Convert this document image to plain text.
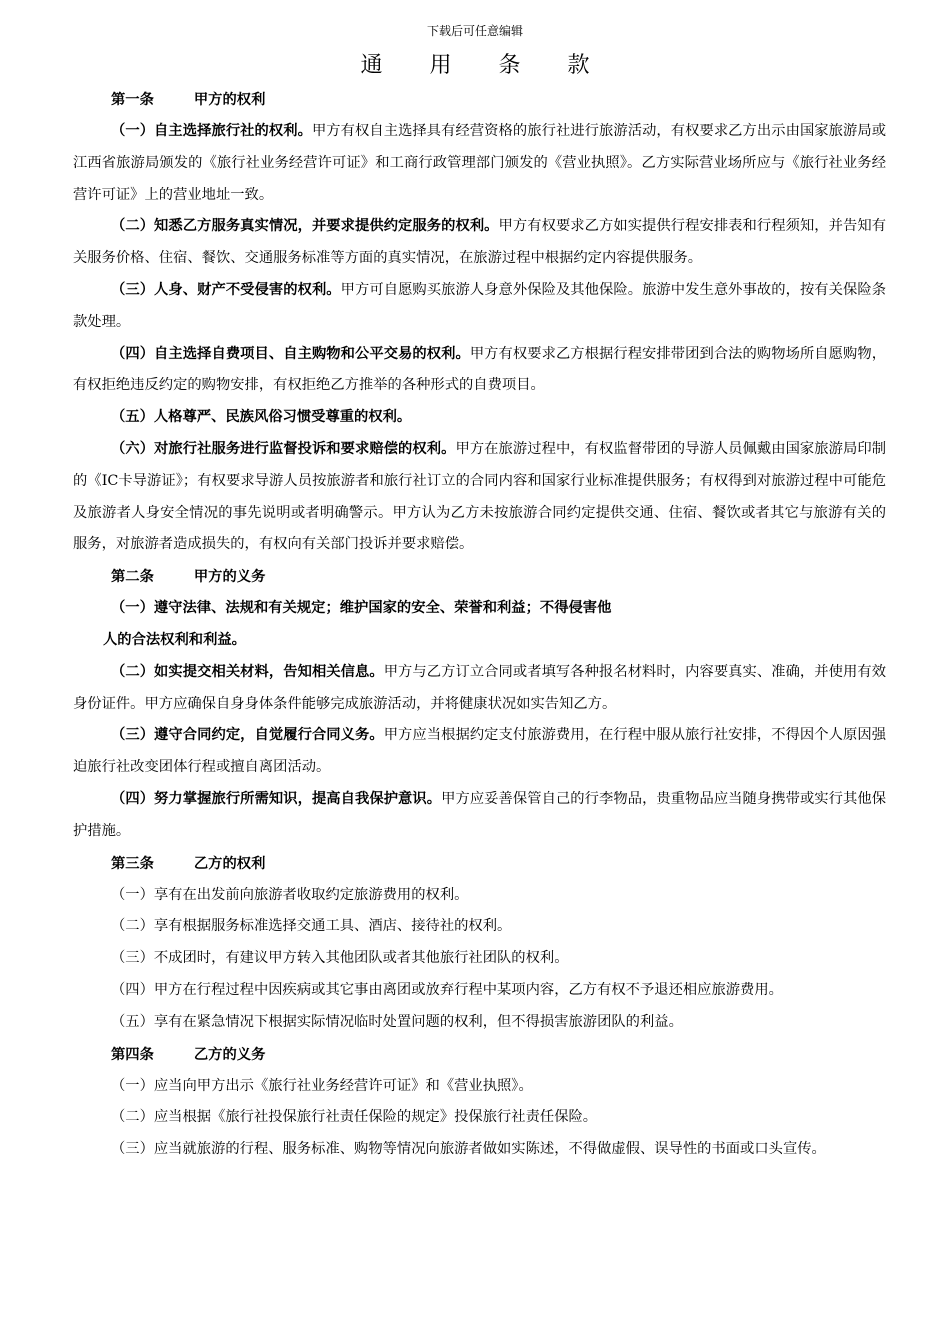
下载后可任意编辑
通 用 条 款
第一条	甲方的权利
（一）自主选择旅行社的权利。甲方有权自主选择具有经营资格的旅行社进行旅游活动，有权要求乙方出示由国家旅游局或江西省旅游局颁发的《旅行社业务经营许可证》和工商行政管理部门颁发的《营业执照》。乙方实际营业场所应与《旅行社业务经营许可证》上的营业地址一致。
（二）知悉乙方服务真实情况，并要求提供约定服务的权利。甲方有权要求乙方如实提供行程安排表和行程须知，并告知有关服务价格、住宿、餐饮、交通服务标准等方面的真实情况，在旅游过程中根据约定内容提供服务。
（三）人身、财产不受侵害的权利。甲方可自愿购买旅游人身意外保险及其他保险。旅游中发生意外事故的，按有关保险条款处理。
（四）自主选择自费项目、自主购物和公平交易的权利。甲方有权要求乙方根据行程安排带团到合法的购物场所自愿购物，有权拒绝违反约定的购物安排，有权拒绝乙方推举的各种形式的自费项目。
（五）人格尊严、民族风俗习惯受尊重的权利。
（六）对旅行社服务进行监督投诉和要求赔偿的权利。甲方在旅游过程中，有权监督带团的导游人员佩戴由国家旅游局印制的《IC卡导游证》；有权要求导游人员按旅游者和旅行社订立的合同内容和国家行业标准提供服务；有权得到对旅游过程中可能危及旅游者人身安全情况的事先说明或者明确警示。甲方认为乙方未按旅游合同约定提供交通、住宿、餐饮或者其它与旅游有关的服务，对旅游者造成损失的，有权向有关部门投诉并要求赔偿。
第二条	甲方的义务
（一）遵守法律、法规和有关规定；维护国家的安全、荣誉和利益；不得侵害他
人的合法权利和利益。
（二）如实提交相关材料，告知相关信息。甲方与乙方订立合同或者填写各种报名材料时，内容要真实、准确，并使用有效身份证件。甲方应确保自身身体条件能够完成旅游活动，并将健康状况如实告知乙方。
（三）遵守合同约定，自觉履行合同义务。甲方应当根据约定支付旅游费用，在行程中服从旅行社安排，不得因个人原因强迫旅行社改变团体行程或擅自离团活动。
（四）努力掌握旅行所需知识，提高自我保护意识。甲方应妥善保管自己的行李物品，贵重物品应当随身携带或实行其他保护措施。
第三条	乙方的权利
（一）享有在出发前向旅游者收取约定旅游费用的权利。
（二）享有根据服务标准选择交通工具、酒店、接待社的权利。
（三）不成团时，有建议甲方转入其他团队或者其他旅行社团队的权利。
（四）甲方在行程过程中因疾病或其它事由离团或放弃行程中某项内容，乙方有权不予退还相应旅游费用。
（五）享有在紧急情况下根据实际情况临时处置问题的权利，但不得损害旅游团队的利益。
第四条	乙方的义务
（一）应当向甲方出示《旅行社业务经营许可证》和《营业执照》。
（二）应当根据《旅行社投保旅行社责任保险的规定》投保旅行社责任保险。
（三）应当就旅游的行程、服务标准、购物等情况向旅游者做如实陈述，不得做虚假、误导性的书面或口头宣传。
